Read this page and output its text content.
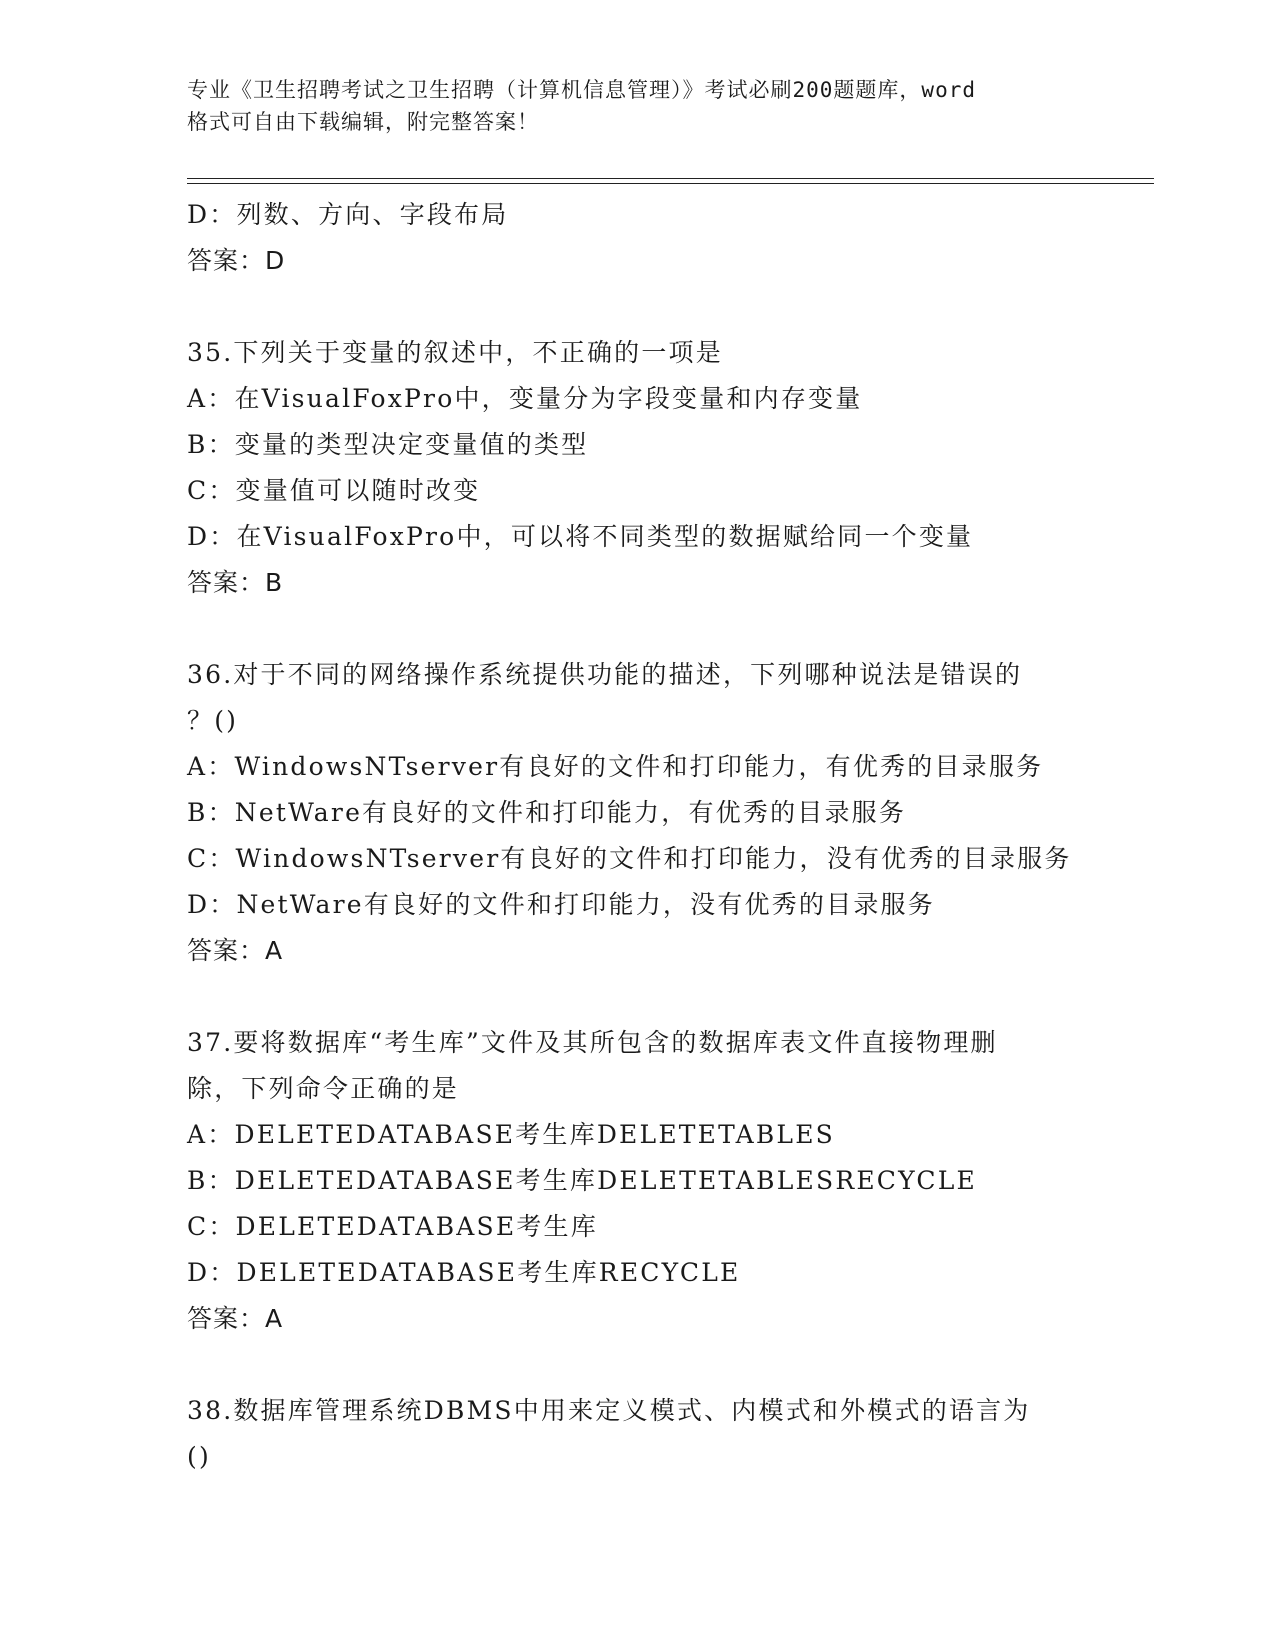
专业《卫生招聘考试之卫生招聘（计算机信息管理）》考试必刷200题题库，word
格式可自由下载编辑，附完整答案！
D：列数、方向、字段布局
答案：D
35.下列关于变量的叙述中，不正确的一项是
A：在VisualFoxPro中，变量分为字段变量和内存变量
B：变量的类型决定变量值的类型
C：变量值可以随时改变
D：在VisualFoxPro中，可以将不同类型的数据赋给同一个变量
答案：B
36.对于不同的网络操作系统提供功能的描述，下列哪种说法是错误的
？()
A：WindowsNTserver有良好的文件和打印能力，有优秀的目录服务
B：NetWare有良好的文件和打印能力，有优秀的目录服务
C：WindowsNTserver有良好的文件和打印能力，没有优秀的目录服务
D：NetWare有良好的文件和打印能力，没有优秀的目录服务
答案：A
37.要将数据库“考生库”文件及其所包含的数据库表文件直接物理删
除，下列命令正确的是
A：DELETEDATABASE考生库DELETETABLES
B：DELETEDATABASE考生库DELETETABLESRECYCLE
C：DELETEDATABASE考生库
D：DELETEDATABASE考生库RECYCLE
答案：A
38.数据库管理系统DBMS中用来定义模式、内模式和外模式的语言为
()
